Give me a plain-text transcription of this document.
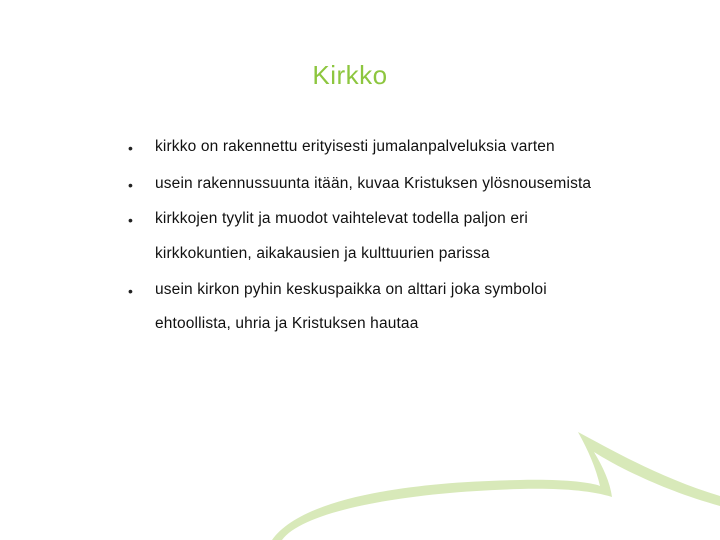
Kirkko
• kirkko on rakennettu erityisesti jumalanpalveluksia varten
• usein rakennussuunta itään, kuvaa Kristuksen ylösnousemista
• kirkkojen tyylit ja muodot vaihtelevat todella paljon eri
kirkkokuntien, aikakausien ja kulttuurien parissa
• usein kirkon pyhin keskuspaikka on alttari joka symboloi
ehtoollista, uhria ja Kristuksen hautaa
